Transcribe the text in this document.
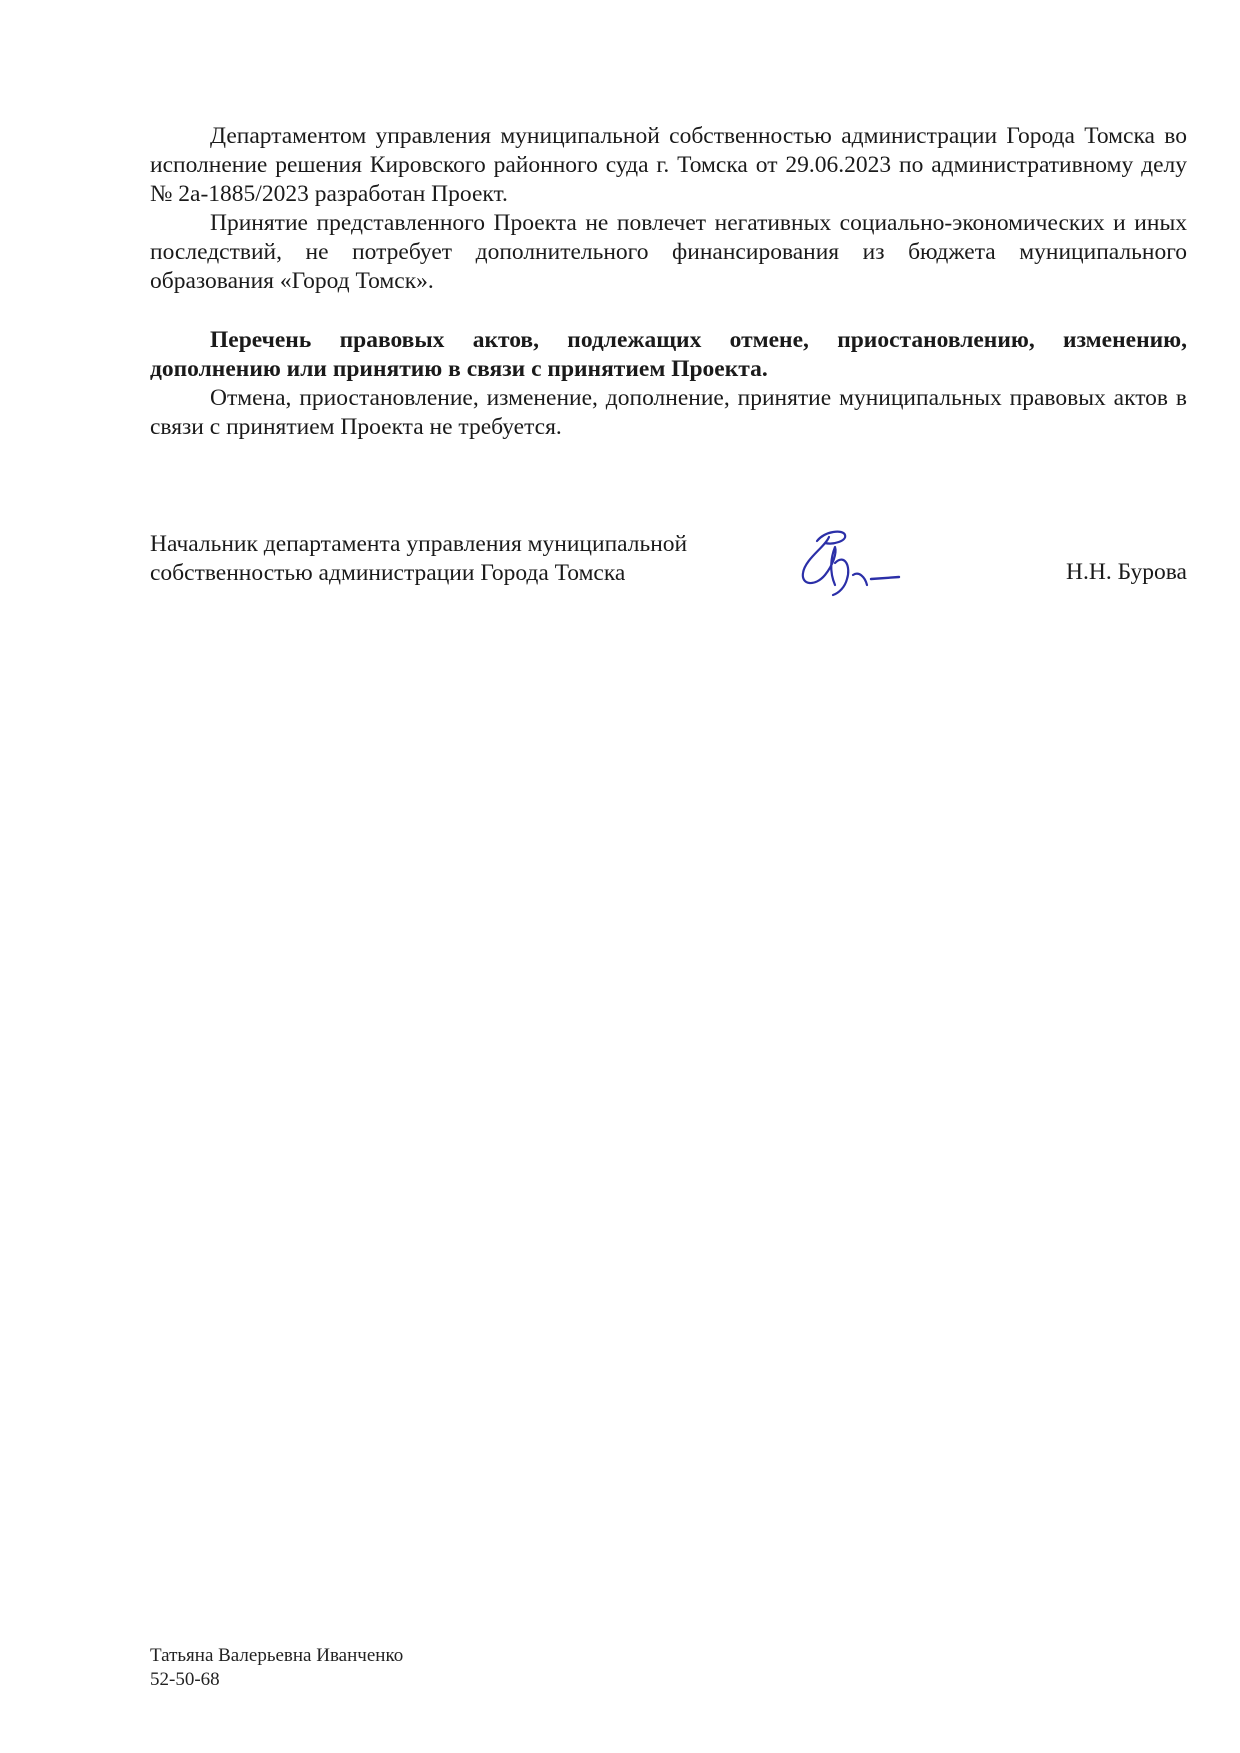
Департаментом управления муниципальной собственностью администрации Города Томска во исполнение решения Кировского районного суда г. Томска от 29.06.2023 по административному делу № 2а-1885/2023 разработан Проект.

Принятие представленного Проекта не повлечет негативных социально-экономических и иных последствий, не потребует дополнительного финансирования из бюджета муниципального образования «Город Томск».

Перечень правовых актов, подлежащих отмене, приостановлению, изменению, дополнению или принятию в связи с принятием Проекта.

Отмена, приостановление, изменение, дополнение, принятие муниципальных правовых актов в связи с принятием Проекта не требуется.

Начальник департамента управления муниципальной
собственностью администрации Города Томска	Н.Н. Бурова
Татьяна Валерьевна Иванченко
52-50-68
